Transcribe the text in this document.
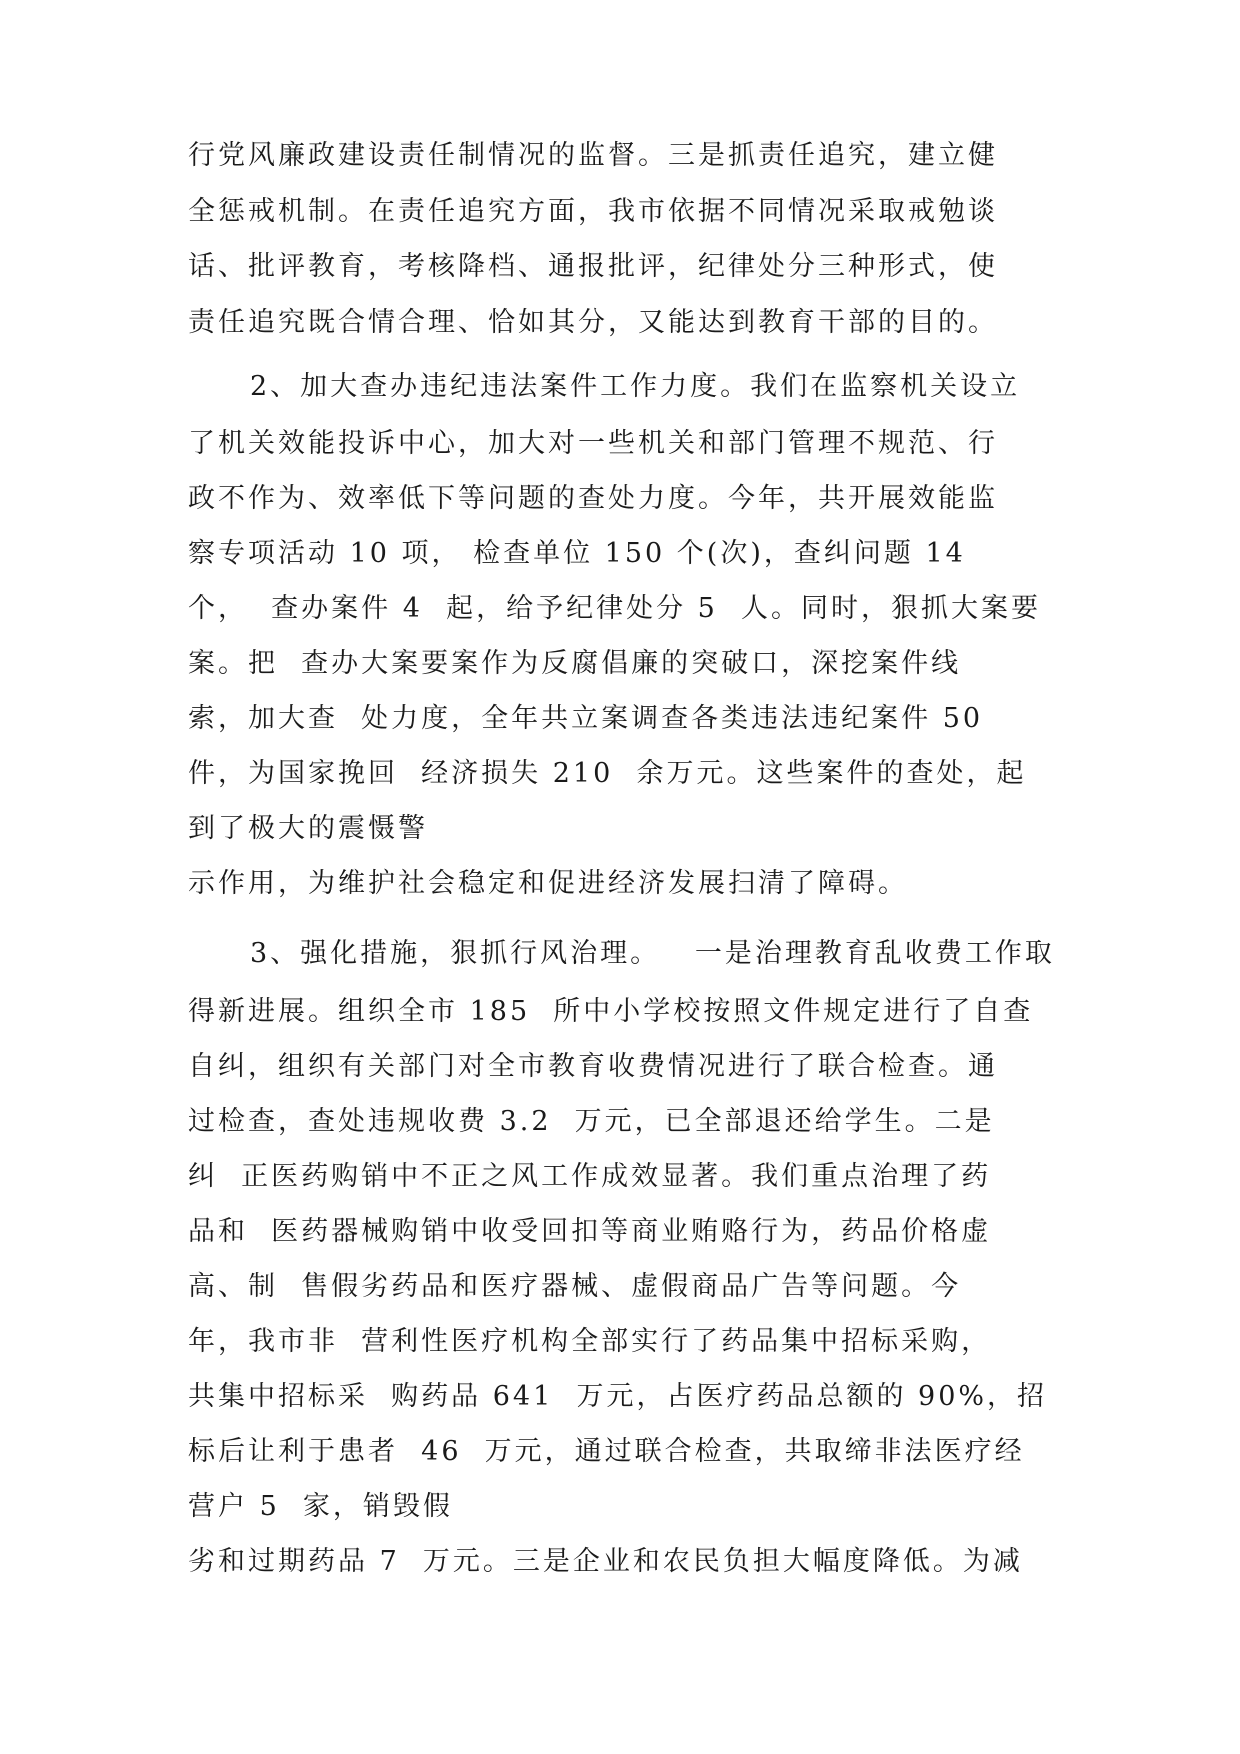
行党风廉政建设责任制情况的监督。三是抓责任追究，建立健
全惩戒机制。在责任追究方面，我市依据不同情况采取戒勉谈
话、批评教育，考核降档、通报批评，纪律处分三种形式，使
责任追究既合情合理、恰如其分，又能达到教育干部的目的。
2、加大查办违纪违法案件工作力度。我们在监察机关设立
了机关效能投诉中心，加大对一些机关和部门管理不规范、行
政不作为、效率低下等问题的查处力度。今年，共开展效能监
察专项活动 10 项， 检查单位 150 个(次)，查纠问题 14
个，  查办案件 4  起，给予纪律处分 5  人。同时，狠抓大案要
案。把  查办大案要案作为反腐倡廉的突破口，深挖案件线
索，加大查  处力度，全年共立案调查各类违法违纪案件 50
件，为国家挽回  经济损失 210  余万元。这些案件的查处，起
到了极大的震慑警
示作用，为维护社会稳定和促进经济发展扫清了障碍。
3、强化措施，狠抓行风治理。   一是治理教育乱收费工作取
得新进展。组织全市 185  所中小学校按照文件规定进行了自查
自纠，组织有关部门对全市教育收费情况进行了联合检查。通
过检查，查处违规收费 3.2  万元，已全部退还给学生。二是
纠  正医药购销中不正之风工作成效显著。我们重点治理了药
品和  医药器械购销中收受回扣等商业贿赂行为，药品价格虚
高、制  售假劣药品和医疗器械、虚假商品广告等问题。今
年，我市非  营利性医疗机构全部实行了药品集中招标采购，
共集中招标采  购药品 641  万元，占医疗药品总额的 90%，招
标后让利于患者  46  万元，通过联合检查，共取缔非法医疗经
营户 5  家，销毁假
劣和过期药品 7  万元。三是企业和农民负担大幅度降低。为减
